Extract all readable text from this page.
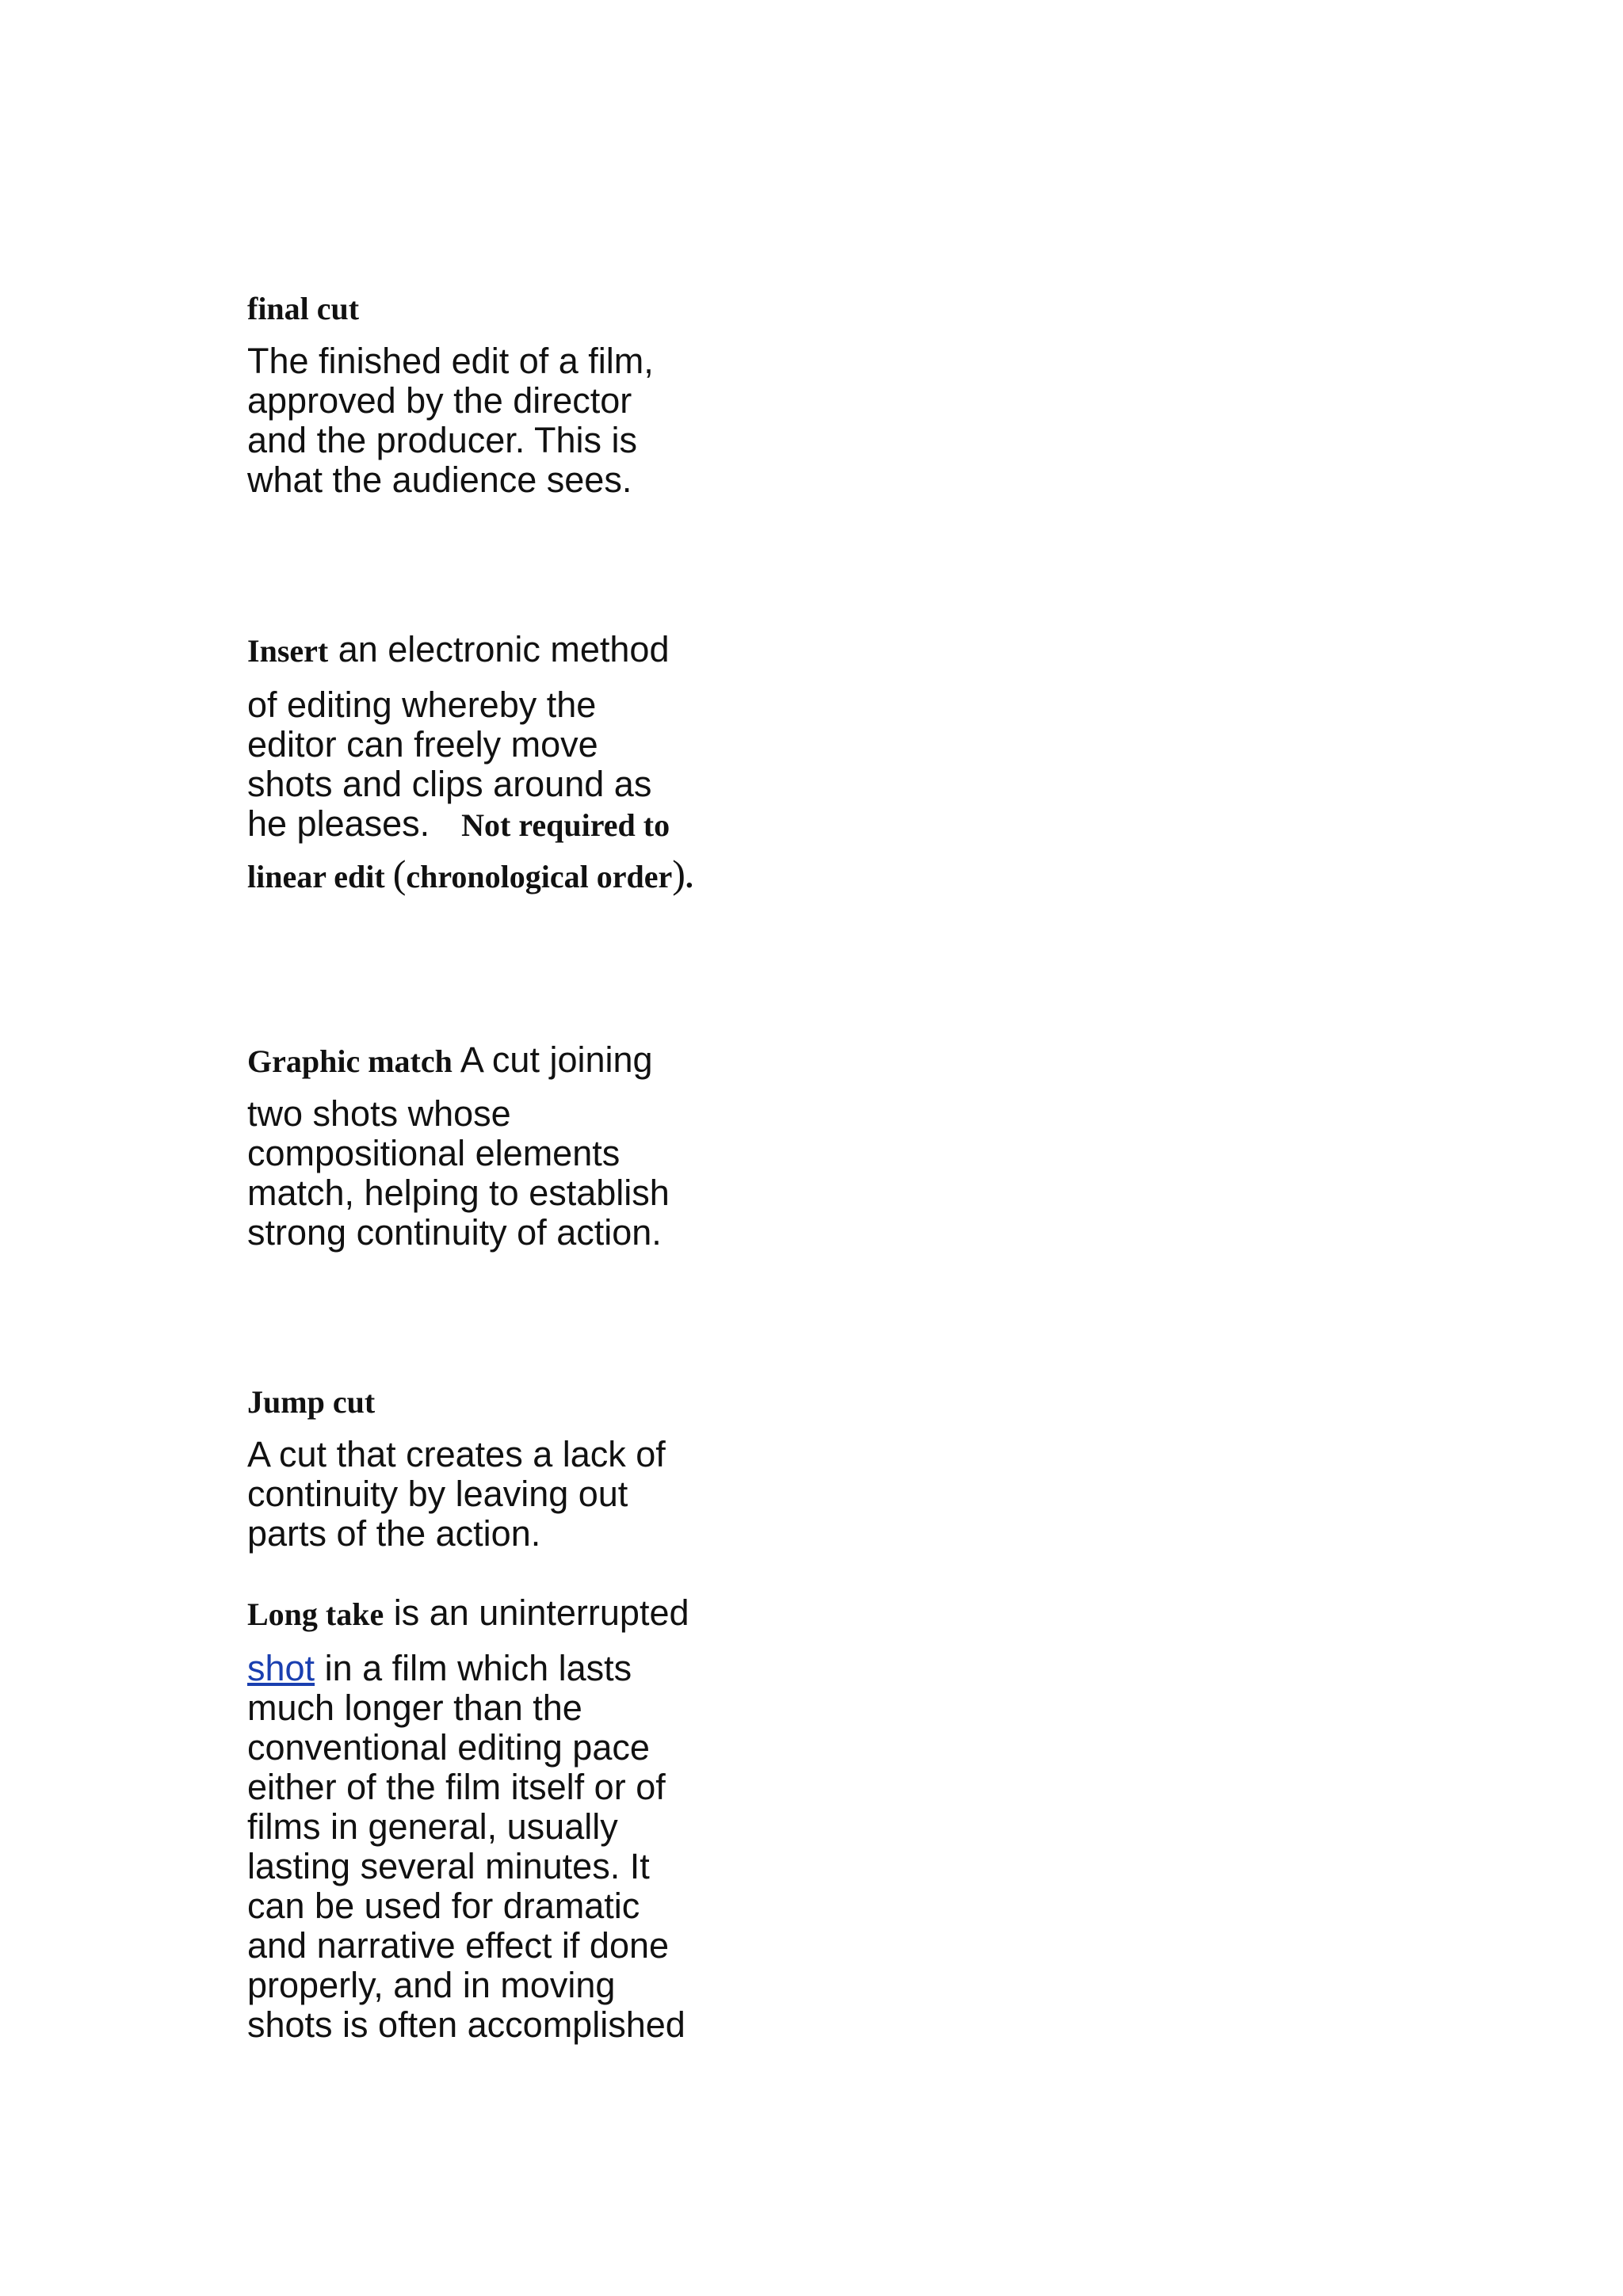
final cut
The finished edit of a film,
approved by the director
and the producer. This is
what the audience sees.
Insert an electronic method
of editing whereby the
editor can freely move
shots and clips around as
he pleases. Not required to
linear edit (chronological order).
Graphic match A cut joining
two shots whose
compositional elements
match, helping to establish
strong continuity of action.
Jump cut
A cut that creates a lack of
continuity by leaving out
parts of the action.
Long take is an uninterrupted
shot in a film which lasts
much longer than the
conventional editing pace
either of the film itself or of
films in general, usually
lasting several minutes. It
can be used for dramatic
and narrative effect if done
properly, and in moving
shots is often accomplished
